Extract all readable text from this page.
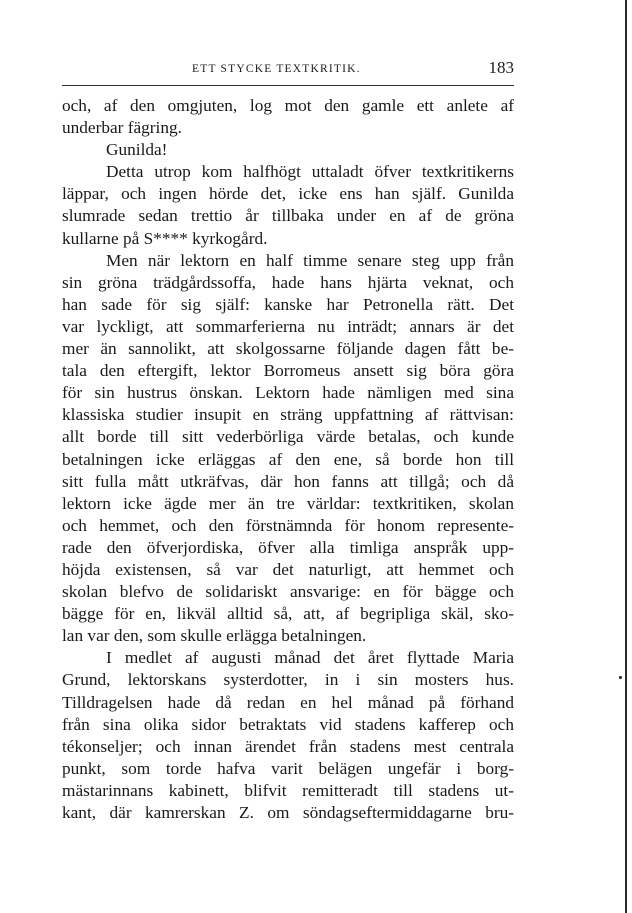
ETT STYCKE TEXTKRITIK.	183
och, af den omgjuten, log mot den gamle ett anlete af
underbar fägring.
Gunilda!
Detta utrop kom halfhögt uttaladt öfver textkritikerns
läppar, och ingen hörde det, icke ens han själf. Gunilda
slumrade sedan trettio år tillbaka under en af de gröna
kullarne på S**** kyrkogård.
Men när lektorn en half timme senare steg upp från
sin gröna trädgårdssoffa, hade hans hjärta veknat, och
han sade för sig själf: kanske har Petronella rätt. Det
var lyckligt, att sommarferierna nu inträdt; annars är det
mer än sannolikt, att skolgossarne följande dagen fått be-
tala den eftergift, lektor Borromeus ansett sig böra göra
för sin hustrus önskan. Lektorn hade nämligen med sina
klassiska studier insupit en sträng uppfattning af rättvisan:
allt borde till sitt vederbörliga värde betalas, och kunde
betalningen icke erläggas af den ene, så borde hon till
sitt fulla mått utkräfvas, där hon fanns att tillgå; och då
lektorn icke ägde mer än tre världar: textkritiken, skolan
och hemmet, och den förstnämnda för honom represente-
rade den öfverjordiska, öfver alla timliga anspråk upp-
höjda existensen, så var det naturligt, att hemmet och
skolan blefvo de solidariskt ansvarige: en för bägge och
bägge för en, likväl alltid så, att, af begripliga skäl, sko-
lan var den, som skulle erlägga betalningen.
I medlet af augusti månad det året flyttade Maria
Grund, lektorskans systerdotter, in i sin mosters hus.
Tilldragelsen hade då redan en hel månad på förhand
från sina olika sidor betraktats vid stadens kafferep och
tékonseljer; och innan ärendet från stadens mest centrala
punkt, som torde hafva varit belägen ungefär i borg-
mästarinnans kabinett, blifvit remitteradt till stadens ut-
kant, där kamrerskan Z. om söndagseftermiddagarne bru-
